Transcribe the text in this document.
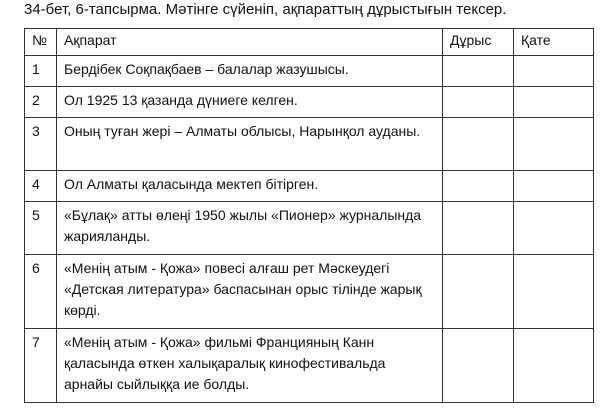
34-бет, 6-тапсырма. Мәтінге сүйеніп, ақпараттың дұрыстығын тексер.
№	Ақпарат	Дұрыс	Қате
1	Бердібек Соқпақбаев – балалар жазушысы.		
2	Ол 1925 13 қазанда дүниеге келген.		
3	Оның туған жері – Алматы облысы, Нарынқол ауданы.		
4	Ол Алматы қаласында мектеп бітірген.		
5	«Бұлақ» атты өлеңі 1950 жылы «Пионер» журналында жарияланды.		
6	«Менің атым - Қожа» повесі алғаш рет Мәскеудегі «Детская литература» баспасынан орыс тілінде жарық көрді.		
7	«Менің атым - Қожа» фильмі Францияның Канн қаласында өткен халықаралық кинофестивальда арнайы сыйлыққа ие болды.		
